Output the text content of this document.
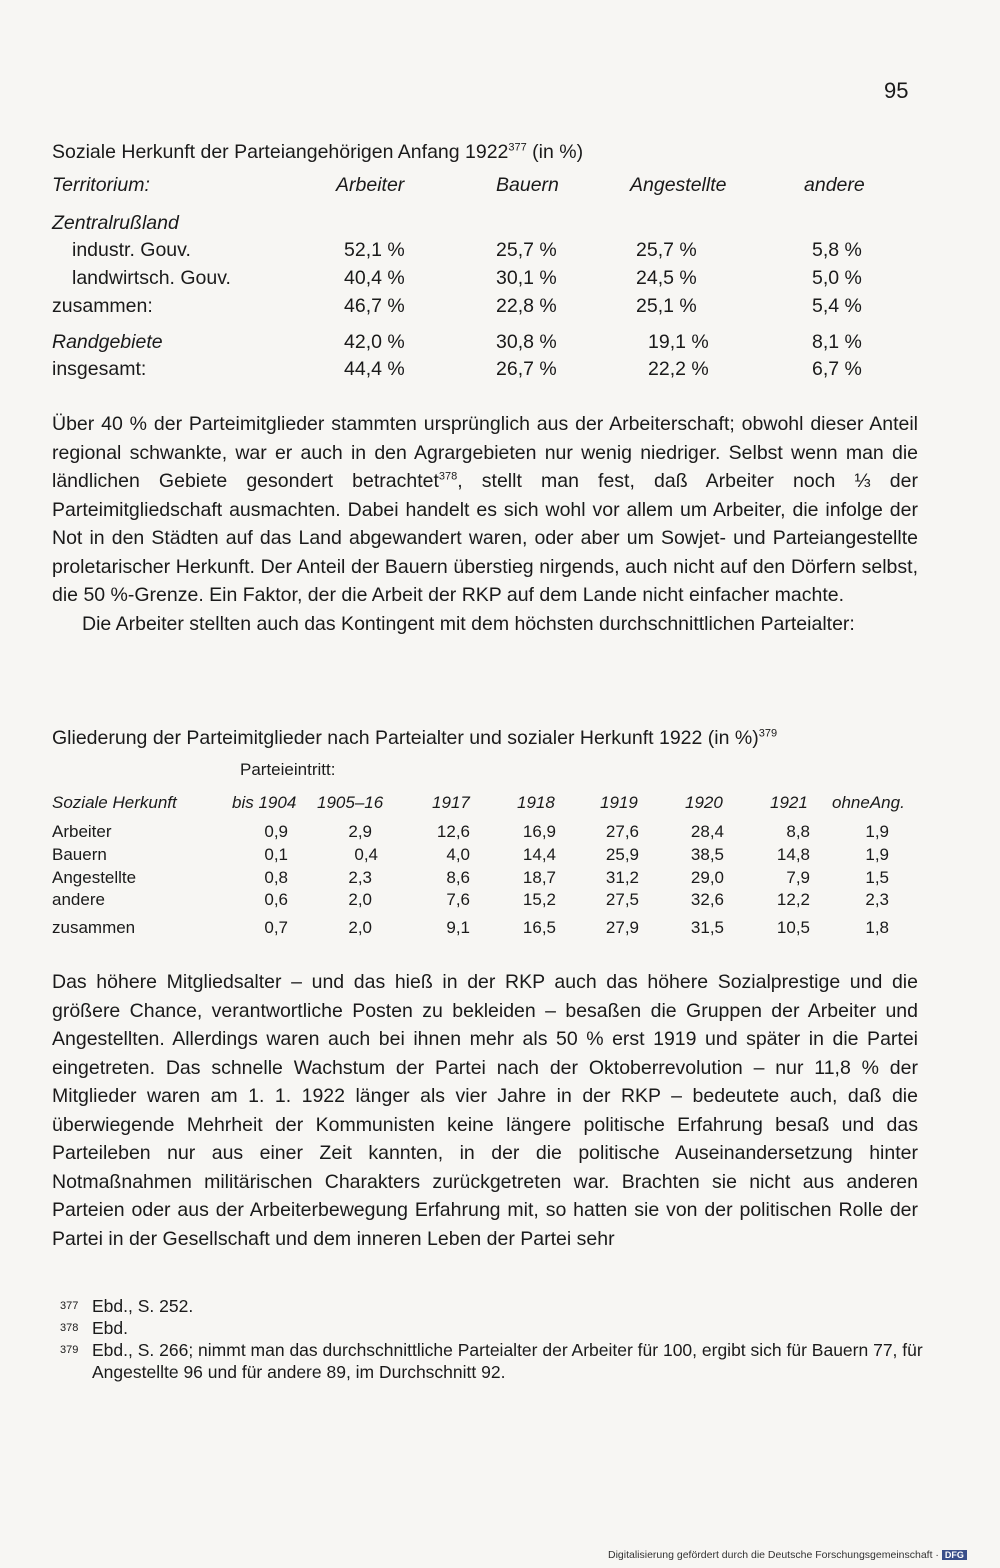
95
Soziale Herkunft der Parteiangehörigen Anfang 1922$^{377}$ (in %)
Territorium:	Arbeiter	Bauern	Angestellte	andere
Zentralrußland
industr. Gouv.	52,1 %	25,7 %	25,7 %	5,8 %
landwirtsch. Gouv.	40,4 %	30,1 %	24,5 %	5,0 %
zusammen:	46,7 %	22,8 %	25,1 %	5,4 %
Randgebiete	42,0 %	30,8 %	19,1 %	8,1 %
insgesamt:	44,4 %	26,7 %	22,2 %	6,7 %

Über 40 % der Parteimitglieder stammten ursprünglich aus der Arbeiterschaft; obwohl dieser Anteil regional schwankte, war er auch in den Agrargebieten nur wenig niedriger. Selbst wenn man die ländlichen Gebiete gesondert betrachtet$^{378}$, stellt man fest, daß Arbeiter noch ⅓ der Parteimitgliedschaft ausmachten. Dabei handelt es sich wohl vor allem um Arbeiter, die infolge der Not in den Städten auf das Land abgewandert waren, oder aber um Sowjet- und Parteiangestellte proletarischer Herkunft. Der Anteil der Bauern überstieg nirgends, auch nicht auf den Dörfern selbst, die 50 %-Grenze. Ein Faktor, der die Arbeit der RKP auf dem Lande nicht einfacher machte.

Die Arbeiter stellten auch das Kontingent mit dem höchsten durchschnittlichen Parteialter:

Gliederung der Parteimitglieder nach Parteialter und sozialer Herkunft 1922 (in %)$^{379}$
Parteieintritt:
Soziale Herkunft	bis 1904 1905–16	1917	1918	1919	1920	1921 ohneAng.
Arbeiter	0,9	2,9	12,6	16,9	27,6	28,4	8,8	1,9
Bauern	0,1	0,4	4,0	14,4	25,9	38,5	14,8	1,9
Angestellte	0,8	2,3	8,6	18,7	31,2	29,0	7,9	1,5
andere	0,6	2,0	7,6	15,2	27,5	32,6	12,2	2,3
zusammen	0,7	2,0	9,1	16,5	27,9	31,5	10,5	1,8

Das höhere Mitgliedsalter – und das hieß in der RKP auch das höhere Sozialprestige und die größere Chance, verantwortliche Posten zu bekleiden – besaßen die Gruppen der Arbeiter und Angestellten. Allerdings waren auch bei ihnen mehr als 50 % erst 1919 und später in die Partei eingetreten. Das schnelle Wachstum der Partei nach der Oktoberrevolution – nur 11,8 % der Mitglieder waren am 1. 1. 1922 länger als vier Jahre in der RKP – bedeutete auch, daß die überwiegende Mehrheit der Kommunisten keine längere politische Erfahrung besaß und das Parteileben nur aus einer Zeit kannten, in der die politische Auseinandersetzung hinter Notmaßnahmen militärischen Charakters zurückgetreten war. Brachten sie nicht aus anderen Parteien oder aus der Arbeiterbewegung Erfahrung mit, so hatten sie von der politischen Rolle der Partei in der Gesellschaft und dem inneren Leben der Partei sehr

377 Ebd., S. 252.
378 Ebd.
379 Ebd., S. 266; nimmt man das durchschnittliche Parteialter der Arbeiter für 100, ergibt sich für Bauern 77, für Angestellte 96 und für andere 89, im Durchschnitt 92.
Digitalisierung gefördert durch die Deutsche Forschungsgemeinschaft · DFG
